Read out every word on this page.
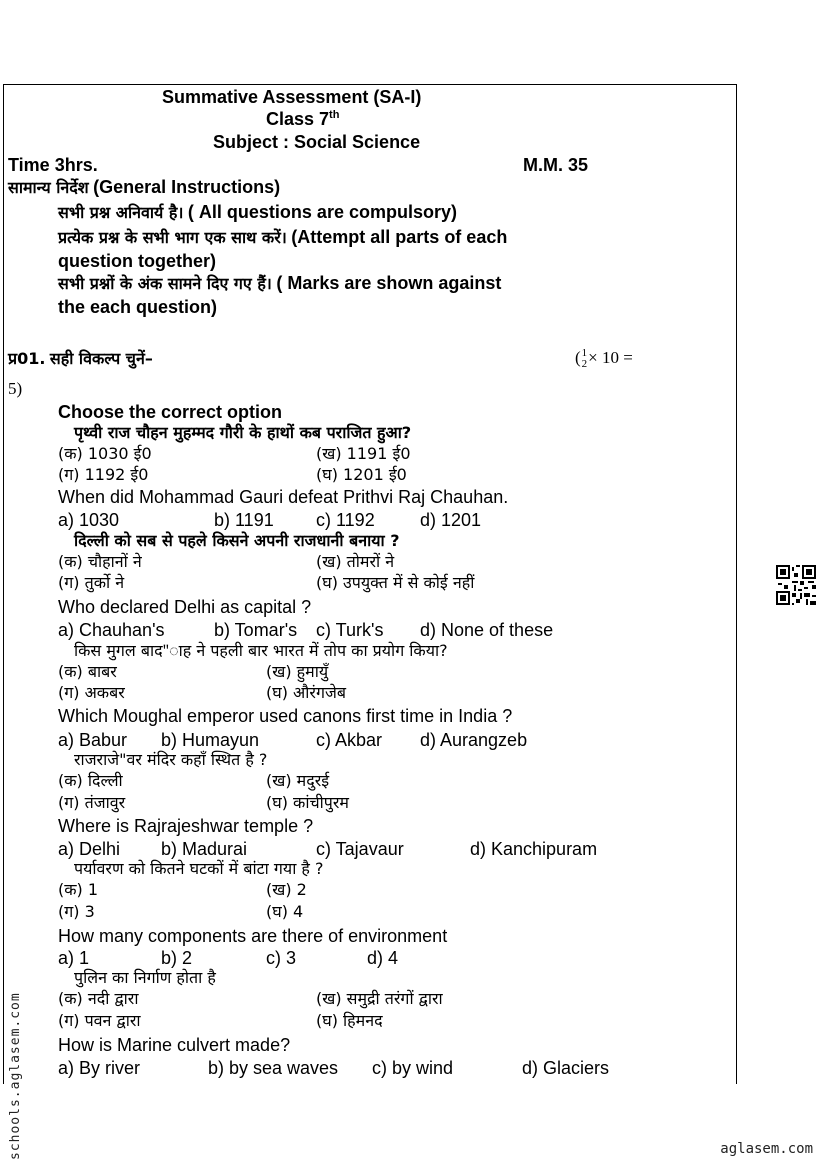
Summative Assessment (SA-I)
Class 7th
Subject : Social Science
Time 3hrs.	M.M. 35
सामान्य निर्देश (General Instructions)
सभी प्रश्न अनिवार्य है। ( All questions are compulsory)
प्रत्येक प्रश्न के सभी भाग एक साथ करें। (Attempt all parts of each
question together)
सभी प्रश्नों के अंक सामने दिए गए हैं। ( Marks are shown against
the each question)
प्र01. सही विकल्प चुनें–	( 1
2 × 10 =
5)
Choose the correct option
पृथ्वी राज चौहन मुहम्मद गौरी के हाथों कब पराजित हुआ?
(क) 1030 ई0	(ख) 1191 ई0
(ग) 1192 ई0	(घ) 1201 ई0
When did Mohammad Gauri defeat Prithvi Raj Chauhan.
a) 1030	b) 1191 c) 1192	d) 1201
दिल्ली को सब से पहले किसने अपनी राजधानी बनाया ?
(क) चौहानों ने	(ख) तोमरों ने
(ग) तुर्को ने	(घ) उपयुक्त में से कोई नहीं
Who declared Delhi as capital ?
a) Chauhan's	b) Tomar's c) Turk's d) None of these
किस मुगल बाद"ाह ने पहली बार भारत में तोप का प्रयोग किया?
(क) बाबर	(ख) हुमायुँ
(ग) अकबर	(घ) औरंगजेब
Which Moughal emperor used canons first time in India ?
a) Babur b) Humayun	c) Akbar d) Aurangzeb
राजराजे"वर मंदिर कहाँ स्थित है ?
(क) दिल्ली	(ख) मदुरई
(ग) तंजावुर	(घ) कांचीपुरम
Where is Rajrajeshwar temple ?
a) Delhi b) Madurai	c) Tajavaur	d) Kanchipuram
पर्यावरण को कितने घटकों में बांटा गया है ?
(क) 1	(ख) 2
(ग) 3	(घ) 4
How many components are there of environment
a) 1	b) 2	c) 3	d) 4
पुलिन का निर्गाण होता है
(क) नदी द्वारा	(ख) समुद्री तरंगों द्वारा
(ग) पवन द्वारा	(घ) हिमनद
How is Marine culvert made?
a) By river	b) by sea waves c) by wind	d) Glaciers
schools.aglasem.com	aglasem.com
